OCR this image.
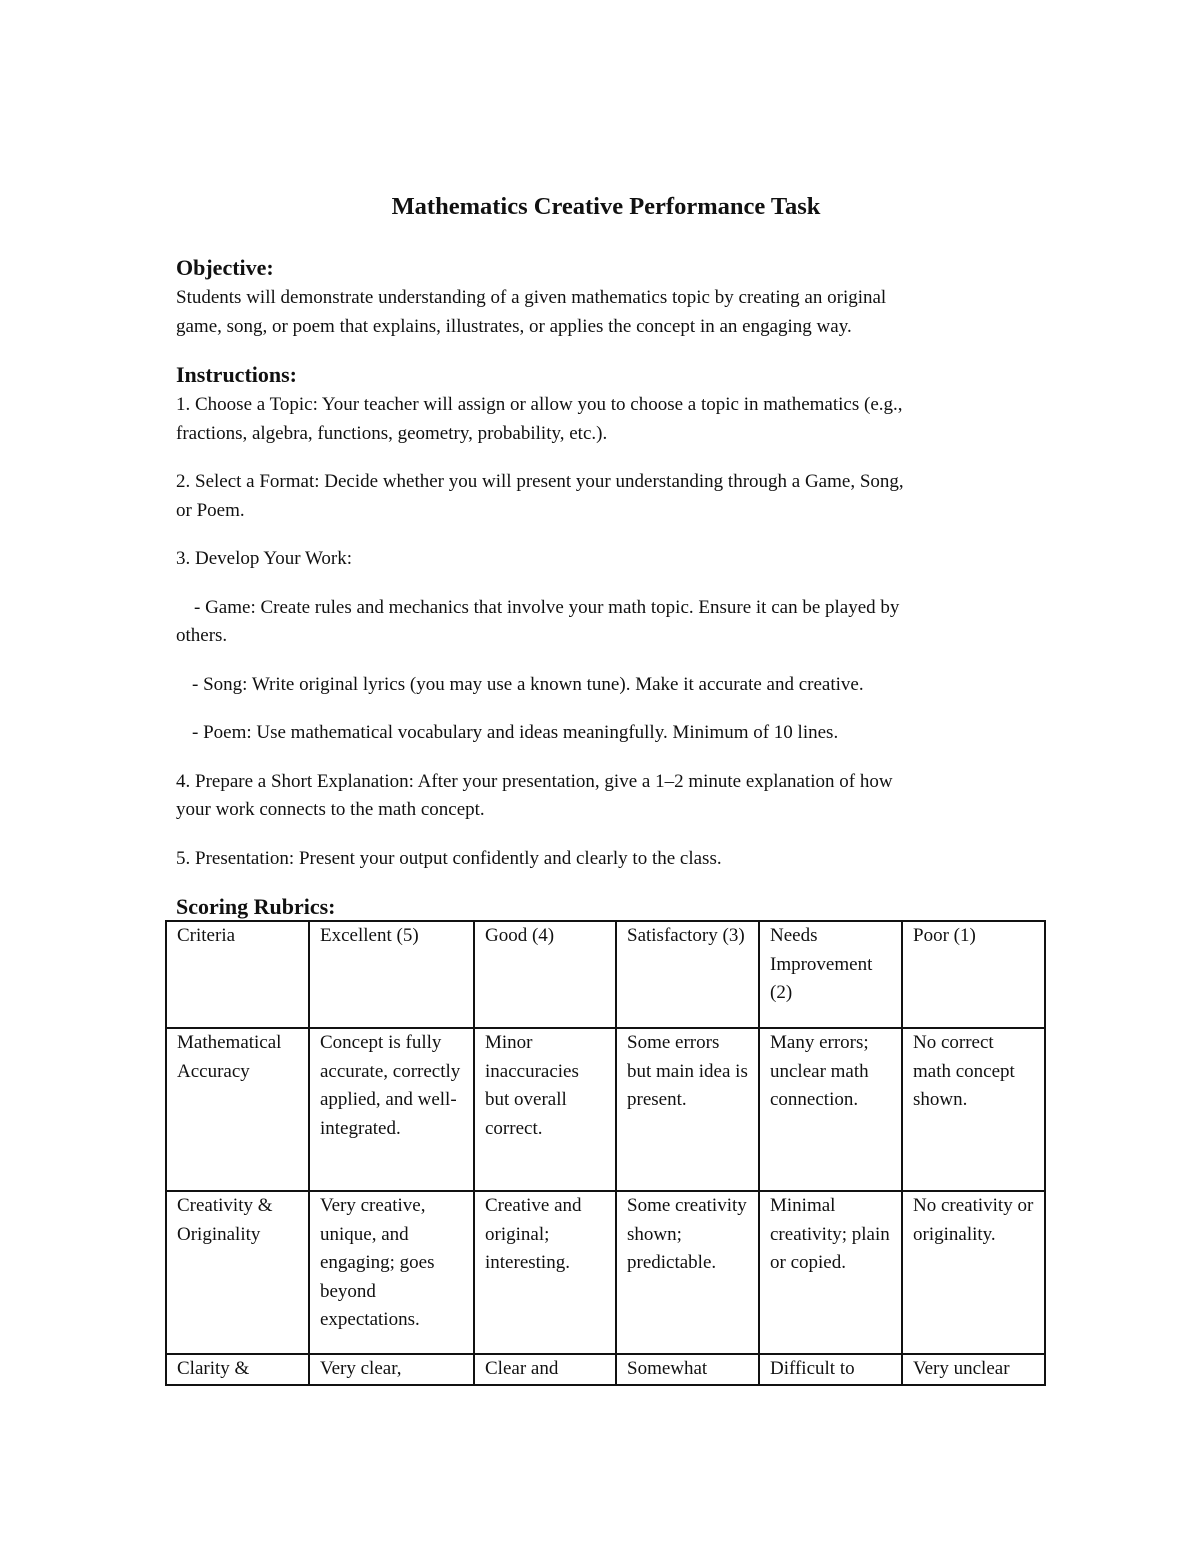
Mathematics Creative Performance Task
Objective:
Students will demonstrate understanding of a given mathematics topic by creating an original
game, song, or poem that explains, illustrates, or applies the concept in an engaging way.
Instructions:
1. Choose a Topic: Your teacher will assign or allow you to choose a topic in mathematics (e.g.,
fractions, algebra, functions, geometry, probability, etc.).
2. Select a Format: Decide whether you will present your understanding through a Game, Song,
or Poem.
3. Develop Your Work:
- Game: Create rules and mechanics that involve your math topic. Ensure it can be played by
others.
- Song: Write original lyrics (you may use a known tune). Make it accurate and creative.
- Poem: Use mathematical vocabulary and ideas meaningfully. Minimum of 10 lines.
4. Prepare a Short Explanation: After your presentation, give a 1–2 minute explanation of how
your work connects to the math concept.
5. Presentation: Present your output confidently and clearly to the class.
Scoring Rubrics:
Criteria	Excellent (5)	Good (4)	Satisfactory (3)	Needs Improvement (2)	Poor (1)
Mathematical Accuracy	Concept is fully accurate, correctly applied, and well-integrated.	Minor inaccuracies but overall correct.	Some errors but main idea is present.	Many errors; unclear math connection.	No correct math concept shown.
Creativity & Originality	Very creative, unique, and engaging; goes beyond expectations.	Creative and original; interesting.	Some creativity shown; predictable.	Minimal creativity; plain or copied.	No creativity or originality.
Clarity &	Very clear,	Clear and	Somewhat	Difficult to	Very unclear
